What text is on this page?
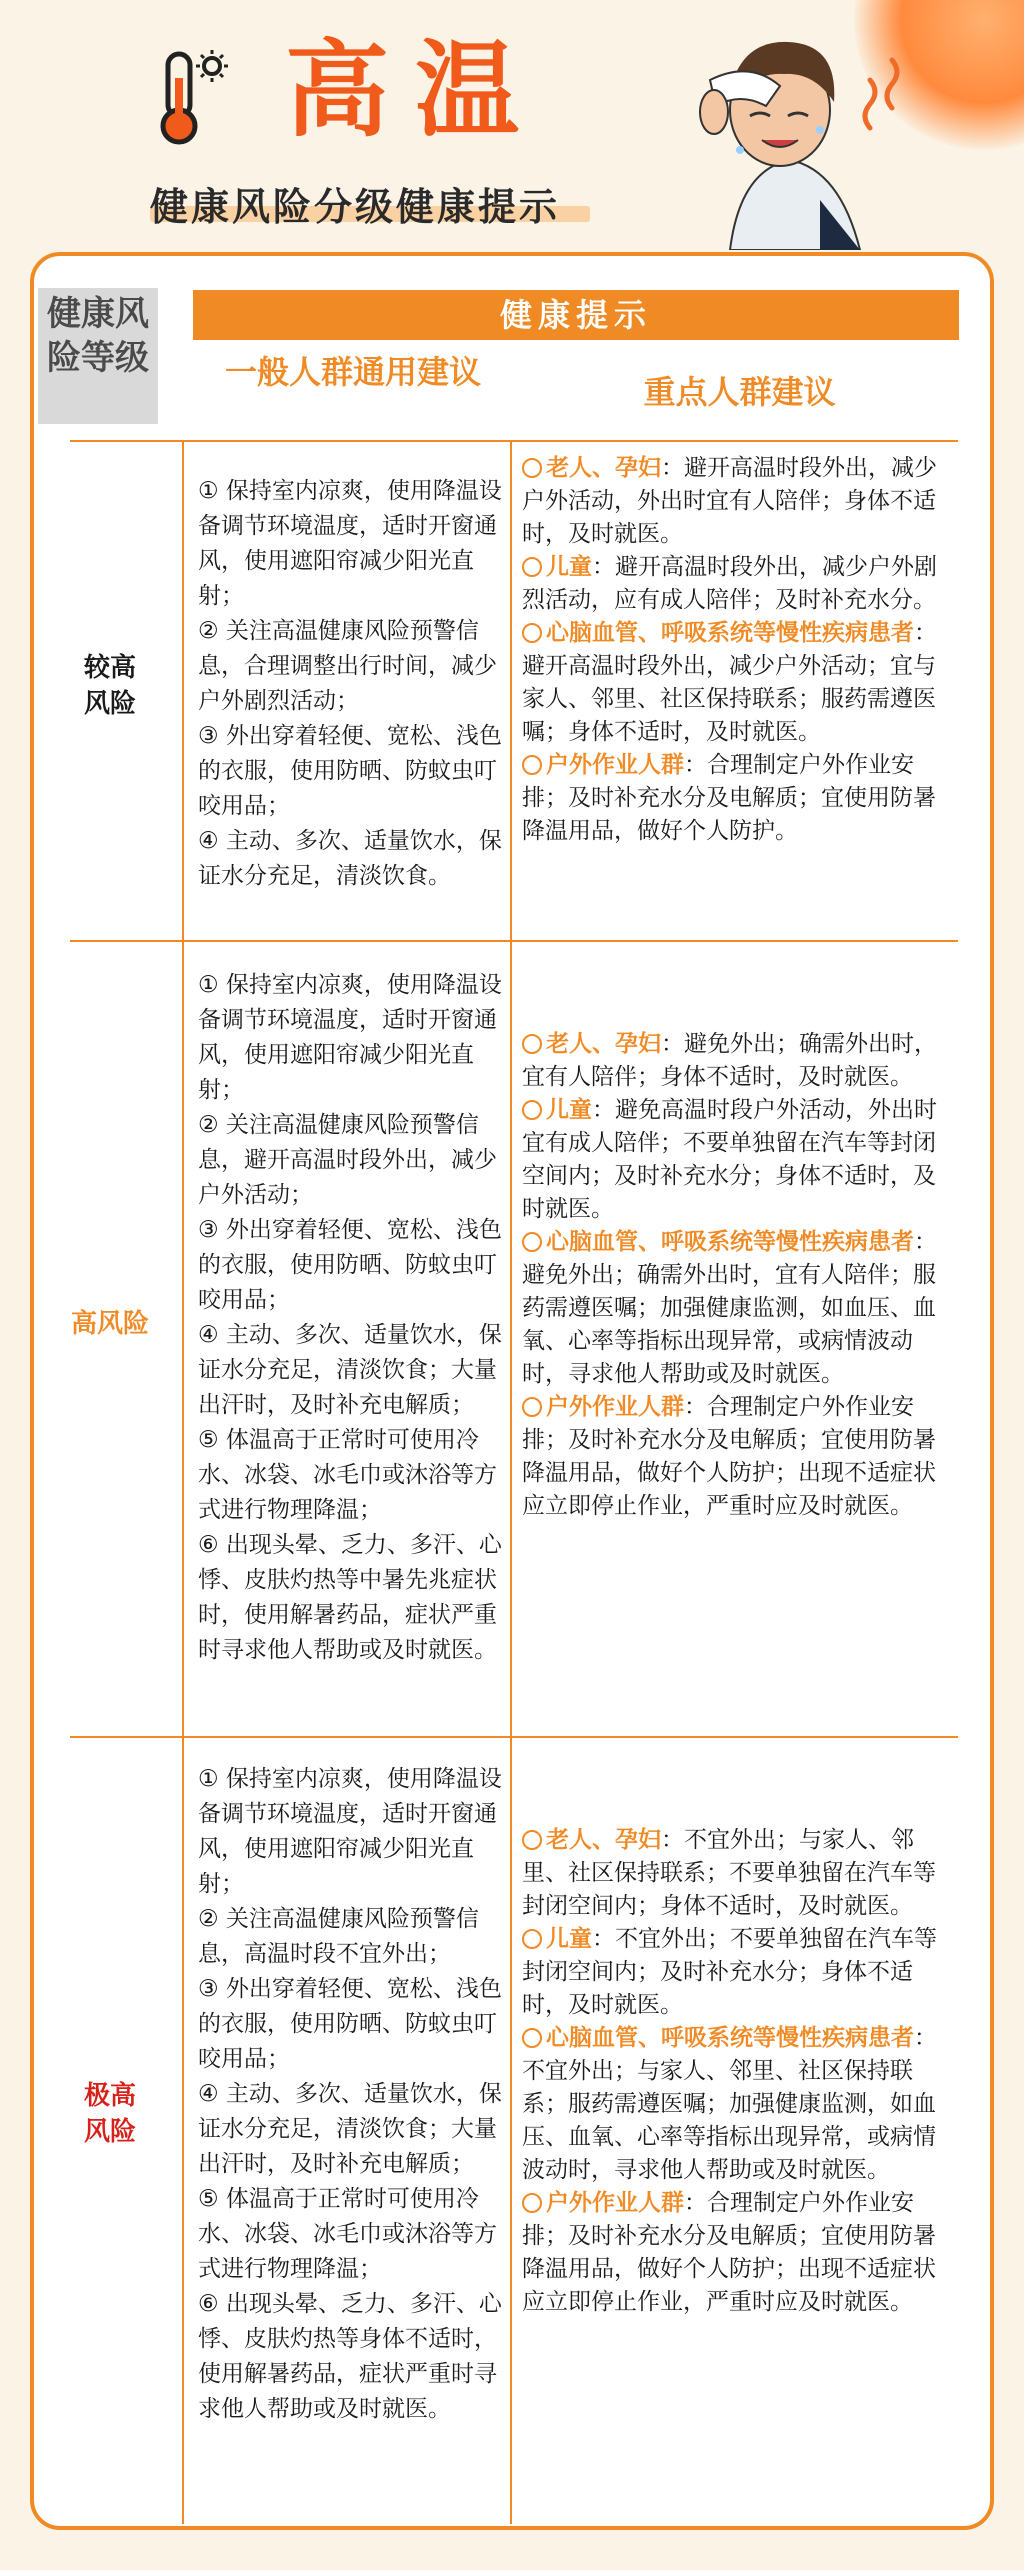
高温
健康风险分级健康提示
健康风险等级
健康提示
一般人群通用建议
重点人群建议
较高风险
① 保持室内凉爽，使用降温设备调节环境温度，适时开窗通风，使用遮阳帘减少阳光直射；
② 关注高温健康风险预警信息，合理调整出行时间，减少户外剧烈活动；
③ 外出穿着轻便、宽松、浅色的衣服，使用防晒、防蚊虫叮咬用品；
④ 主动、多次、适量饮水，保证水分充足，清淡饮食。
老人、孕妇：避开高温时段外出，减少户外活动，外出时宜有人陪伴；身体不适时，及时就医。
儿童：避开高温时段外出，减少户外剧烈活动，应有成人陪伴；及时补充水分。
心脑血管、呼吸系统等慢性疾病患者：避开高温时段外出，减少户外活动；宜与家人、邻里、社区保持联系；服药需遵医嘱；身体不适时，及时就医。
户外作业人群：合理制定户外作业安排；及时补充水分及电解质；宜使用防暑降温用品，做好个人防护。
高风险
① 保持室内凉爽，使用降温设备调节环境温度，适时开窗通风，使用遮阳帘减少阳光直射；
② 关注高温健康风险预警信息，避开高温时段外出，减少户外活动；
③ 外出穿着轻便、宽松、浅色的衣服，使用防晒、防蚊虫叮咬用品；
④ 主动、多次、适量饮水，保证水分充足，清淡饮食；大量出汗时，及时补充电解质；
⑤ 体温高于正常时可使用冷水、冰袋、冰毛巾或沐浴等方式进行物理降温；
⑥ 出现头晕、乏力、多汗、心悸、皮肤灼热等中暑先兆症状时，使用解暑药品，症状严重时寻求他人帮助或及时就医。
老人、孕妇：避免外出；确需外出时，宜有人陪伴；身体不适时，及时就医。
儿童：避免高温时段户外活动，外出时宜有成人陪伴；不要单独留在汽车等封闭空间内；及时补充水分；身体不适时，及时就医。
心脑血管、呼吸系统等慢性疾病患者：避免外出；确需外出时，宜有人陪伴；服药需遵医嘱；加强健康监测，如血压、血氧、心率等指标出现异常，或病情波动时，寻求他人帮助或及时就医。
户外作业人群：合理制定户外作业安排；及时补充水分及电解质；宜使用防暑降温用品，做好个人防护；出现不适症状应立即停止作业，严重时应及时就医。
极高风险
① 保持室内凉爽，使用降温设备调节环境温度，适时开窗通风，使用遮阳帘减少阳光直射；
② 关注高温健康风险预警信息，高温时段不宜外出；
③ 外出穿着轻便、宽松、浅色的衣服，使用防晒、防蚊虫叮咬用品；
④ 主动、多次、适量饮水，保证水分充足，清淡饮食；大量出汗时，及时补充电解质；
⑤ 体温高于正常时可使用冷水、冰袋、冰毛巾或沐浴等方式进行物理降温；
⑥ 出现头晕、乏力、多汗、心悸、皮肤灼热等身体不适时，使用解暑药品，症状严重时寻求他人帮助或及时就医。
老人、孕妇：不宜外出；与家人、邻里、社区保持联系；不要单独留在汽车等封闭空间内；身体不适时，及时就医。
儿童：不宜外出；不要单独留在汽车等封闭空间内；及时补充水分；身体不适时，及时就医。
心脑血管、呼吸系统等慢性疾病患者：不宜外出；与家人、邻里、社区保持联系；服药需遵医嘱；加强健康监测，如血压、血氧、心率等指标出现异常，或病情波动时，寻求他人帮助或及时就医。
户外作业人群：合理制定户外作业安排；及时补充水分及电解质；宜使用防暑降温用品，做好个人防护；出现不适症状应立即停止作业，严重时应及时就医。
